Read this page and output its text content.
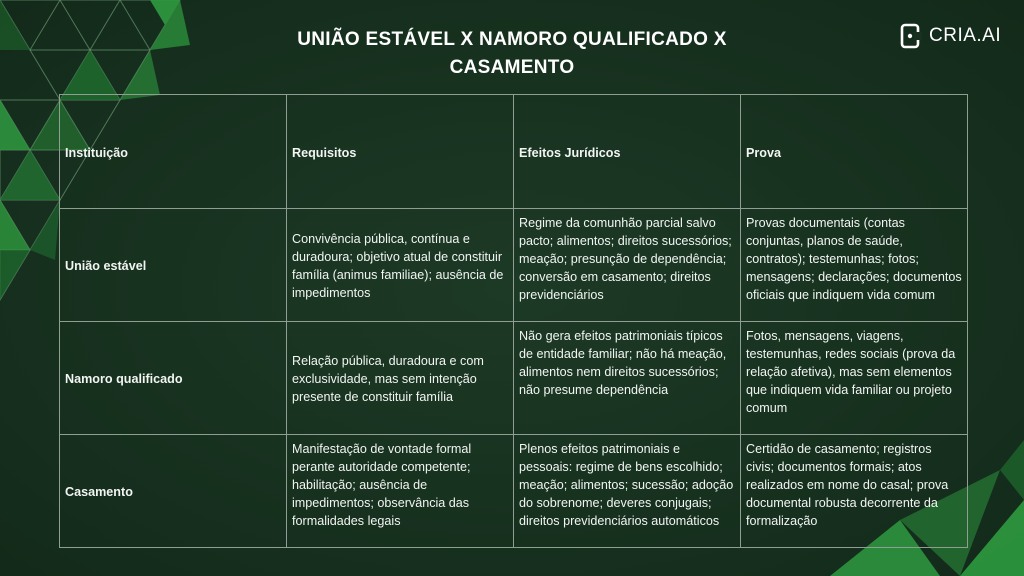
UNIÃO ESTÁVEL X NAMORO QUALIFICADO X
CASAMENTO
CRIA.AI
Instituição	Requisitos	Efeitos Jurídicos	Prova
União estável	Convivência pública, contínua e duradoura; objetivo atual de constituir família (animus familiae); ausência de impedimentos	Regime da comunhão parcial salvo pacto; alimentos; direitos sucessórios; meação; presunção de dependência; conversão em casamento; direitos previdenciários	Provas documentais (contas conjuntas, planos de saúde, contratos); testemunhas; fotos; mensagens; declarações; documentos oficiais que indiquem vida comum
Namoro qualificado	Relação pública, duradoura e com exclusividade, mas sem intenção presente de constituir família	Não gera efeitos patrimoniais típicos de entidade familiar; não há meação, alimentos nem direitos sucessórios; não presume dependência	Fotos, mensagens, viagens, testemunhas, redes sociais (prova da relação afetiva), mas sem elementos que indiquem vida familiar ou projeto comum
Casamento	Manifestação de vontade formal perante autoridade competente; habilitação; ausência de impedimentos; observância das formalidades legais	Plenos efeitos patrimoniais e pessoais: regime de bens escolhido; meação; alimentos; sucessão; adoção do sobrenome; deveres conjugais; direitos previdenciários automáticos	Certidão de casamento; registros civis; documentos formais; atos realizados em nome do casal; prova documental robusta decorrente da formalização
